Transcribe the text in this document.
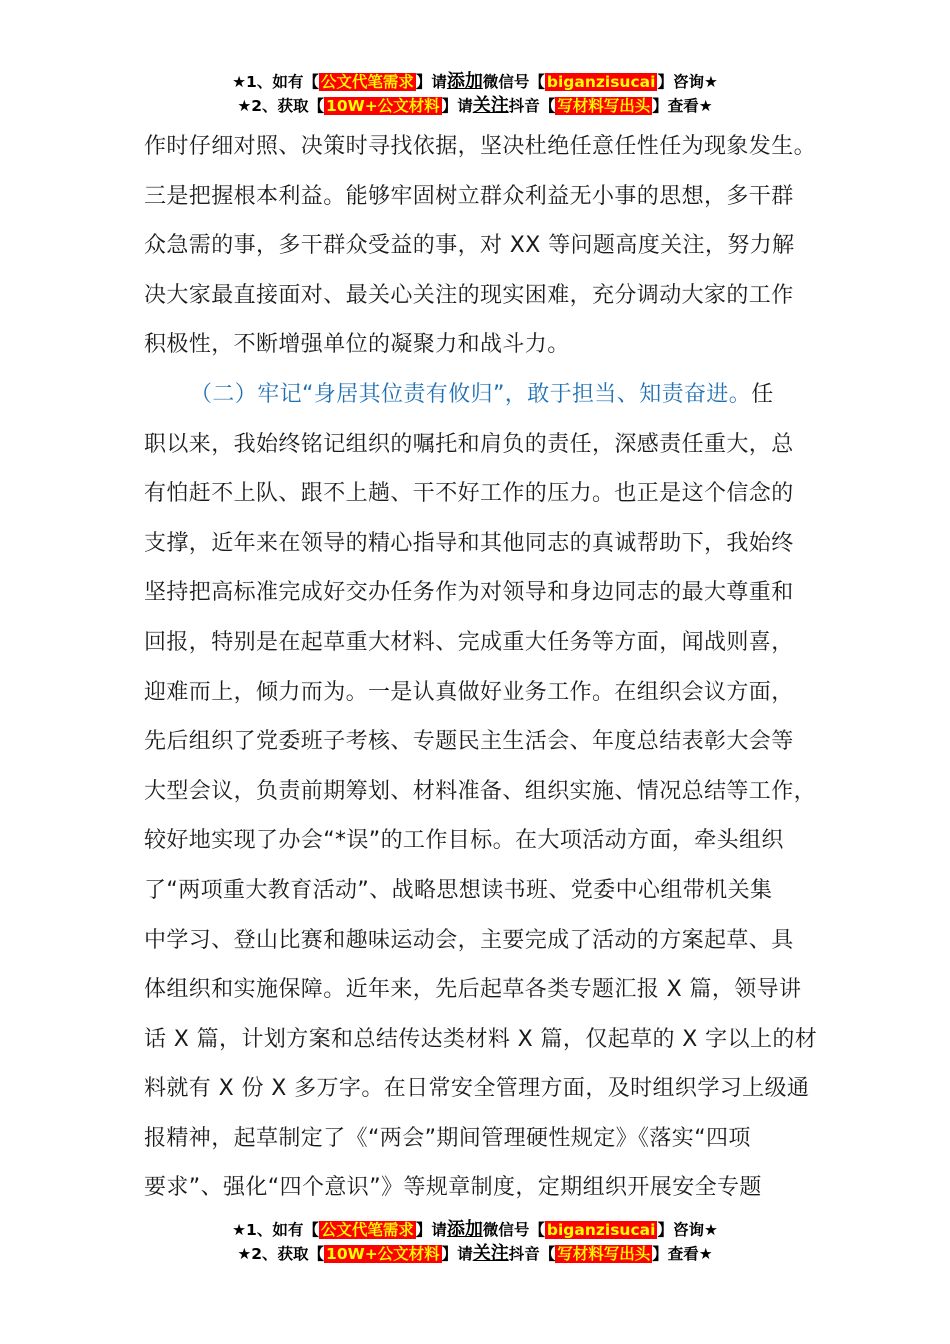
★1、如有【 公文代笔需求 】请添加微信号【 biganzisucai 】咨询★
★2、获取【 10W+公文材料 】请关注抖音【 写材料写出头 】查看★
作时仔细对照、决策时寻找依据，坚决杜绝任意任性任为现象发生。
三是把握根本利益。能够牢固树立群众利益无小事的思想，多干群
众急需的事，多干群众受益的事，对 XX 等问题高度关注，努力解
决大家最直接面对、最关心关注的现实困难，充分调动大家的工作
积极性，不断增强单位的凝聚力和战斗力。
（二）牢记“身居其位责有攸归”，敢于担当、知责奋进。任
职以来，我始终铭记组织的嘱托和肩负的责任，深感责任重大，总
有怕赶不上队、跟不上趟、干不好工作的压力。也正是这个信念的
支撑，近年来在领导的精心指导和其他同志的真诚帮助下，我始终
坚持把高标准完成好交办任务作为对领导和身边同志的最大尊重和
回报，特别是在起草重大材料、完成重大任务等方面，闻战则喜，
迎难而上，倾力而为。一是认真做好业务工作。在组织会议方面，
先后组织了党委班子考核、专题民主生活会、年度总结表彰大会等
大型会议，负责前期筹划、材料准备、组织实施、情况总结等工作，
较好地实现了办会“*误”的工作目标。在大项活动方面，牵头组织
了“两项重大教育活动”、战略思想读书班、党委中心组带机关集
中学习、登山比赛和趣味运动会，主要完成了活动的方案起草、具
体组织和实施保障。近年来，先后起草各类专题汇报 X 篇，领导讲
话 X 篇，计划方案和总结传达类材料 X 篇，仅起草的 X 字以上的材
料就有 X 份 X 多万字。在日常安全管理方面，及时组织学习上级通
报精神，起草制定了《“两会”期间管理硬性规定》《落实“四项
要求”、强化“四个意识”》等规章制度，定期组织开展安全专题
★1、如有【 公文代笔需求 】请添加微信号【 biganzisucai 】咨询★
★2、获取【 10W+公文材料 】请关注抖音【 写材料写出头 】查看★
